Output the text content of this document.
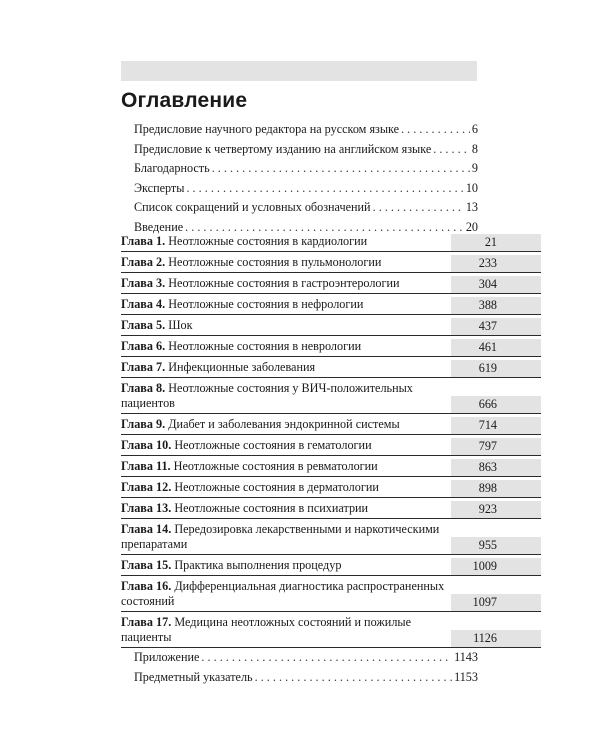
Оглавление
Предисловие научного редактора на русском языке . . .	6
Предисловие к четвертому изданию на английском языке . . .	8
Благодарность . . .	9
Эксперты . . .	10
Список сокращений и условных обозначений . . .	13
Введение . . .	20
Глава 1. Неотложные состояния в кардиологии	21
Глава 2. Неотложные состояния в пульмонологии	233
Глава 3. Неотложные состояния в гастроэнтерологии	304
Глава 4. Неотложные состояния в нефрологии	388
Глава 5. Шок	437
Глава 6. Неотложные состояния в неврологии	461
Глава 7. Инфекционные заболевания	619
Глава 8. Неотложные состояния у ВИЧ-положительных пациентов	666
Глава 9. Диабет и заболевания эндокринной системы	714
Глава 10. Неотложные состояния в гематологии	797
Глава 11. Неотложные состояния в ревматологии	863
Глава 12. Неотложные состояния в дерматологии	898
Глава 13. Неотложные состояния в психиатрии	923
Глава 14. Передозировка лекарственными и наркотическими препаратами	955
Глава 15. Практика выполнения процедур	1009
Глава 16. Дифференциальная диагностика распространенных состояний	1097
Глава 17. Медицина неотложных состояний и пожилые пациенты	1126
Приложение . . .	1143
Предметный указатель . . .	1153
